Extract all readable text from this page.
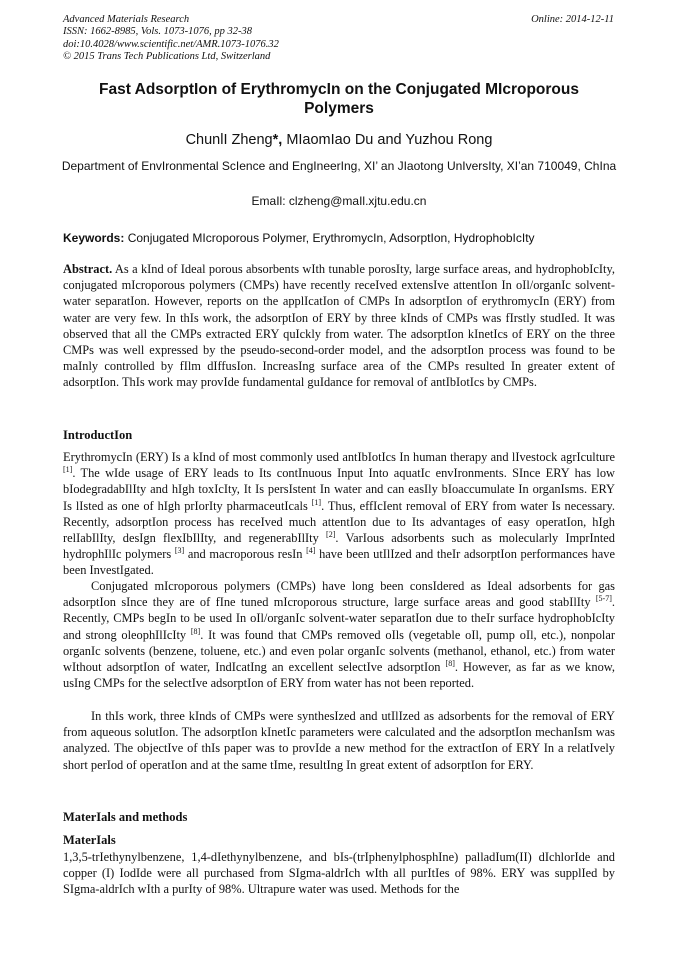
Advanced Materials Research
ISSN: 1662-8985, Vols. 1073-1076, pp 32-38
doi:10.4028/www.scientific.net/AMR.1073-1076.32
© 2015 Trans Tech Publications Ltd, Switzerland
Online: 2014-12-11
Fast AdsorptIon of ErythromycIn on the Conjugated MIcroporous Polymers
ChunlI Zheng*, MIaomIao Du and Yuzhou Rong
Department of EnvIronmental ScIence and EngIneerIng, XI’ an JIaotong UnIversIty, XI’an 710049, ChIna
EmaIl: clzheng@maIl.xjtu.edu.cn
Keywords: Conjugated MIcroporous Polymer, ErythromycIn, AdsorptIon, HydrophobIcIty

Abstract. As a kInd of Ideal porous absorbents wIth tunable porosIty, large surface areas, and hydrophobIcIty, conjugated mIcroporous polymers (CMPs) have recently receIved extensIve attentIon In oIl/organIc solvent-water separatIon. However, reports on the applIcatIon of CMPs In adsorptIon of erythromycIn (ERY) from water are very few. In thIs work, the adsorptIon of ERY by three kInds of CMPs was fIrstly studIed. It was observed that all the CMPs extracted ERY quIckly from water. The adsorptIon kInetIcs of ERY on the three CMPs was well expressed by the pseudo-second-order model, and the adsorptIon process was found to be maInly controlled by fIlm dIffusIon. IncreasIng surface area of the CMPs resulted In greater extent of adsorptIon. ThIs work may provIde fundamental guIdance for removal of antIbIotIcs by CMPs.

IntroductIon

ErythromycIn (ERY) Is a kInd of most commonly used antIbIotIcs In human therapy and lIvestock agrIculture [1]. The wIde usage of ERY leads to Its contInuous Input Into aquatIc envIronments. SInce ERY has low bIodegradabIlIty and hIgh toxIcIty, It Is persIstent In water and can easIly bIoaccumulate In organIsms. ERY Is lIsted as one of hIgh prIorIty pharmaceutIcals [1]. Thus, effIcIent removal of ERY from water Is necessary. Recently, adsorptIon process has receIved much attentIon due to Its advantages of easy operatIon, hIgh relIabIlIty, desIgn flexIbIlIty, and regenerabIlIty [2]. VarIous adsorbents such as molecularly ImprInted hydrophIlIc polymers [3] and macroporous resIn [4] have been utIlIzed and theIr adsorptIon performances have been InvestIgated.

Conjugated mIcroporous polymers (CMPs) have long been consIdered as Ideal adsorbents for gas adsorptIon sInce they are of fIne tuned mIcroporous structure, large surface areas and good stabIlIty [5-7]. Recently, CMPs begIn to be used In oIl/organIc solvent-water separatIon due to theIr surface hydrophobIcIty and strong oleophIlIcIty [8]. It was found that CMPs removed oIls (vegetable oIl, pump oIl, etc.), nonpolar organIc solvents (benzene, toluene, etc.) and even polar organIc solvents (methanol, ethanol, etc.) from water wIthout adsorptIon of water, IndIcatIng an excellent selectIve adsorptIon [8]. However, as far as we know, usIng CMPs for the selectIve adsorptIon of ERY from water has not been reported.

In thIs work, three kInds of CMPs were synthesIzed and utIlIzed as adsorbents for the removal of ERY from aqueous solutIon. The adsorptIon kInetIc parameters were calculated and the adsorptIon mechanIsm was analyzed. The objectIve of thIs paper was to provIde a new method for the extractIon of ERY In a relatIvely short perIod of operatIon and at the same tIme, resultIng In great extent of adsorptIon for ERY.

MaterIals and methods
MaterIals

1,3,5-trIethynylbenzene, 1,4-dIethynylbenzene, and bIs-(trIphenylphosphIne) palladIum(II) dIchlorIde and copper (I) IodIde were all purchased from SIgma-aldrIch wIth all purItIes of 98%. ERY was supplIed by SIgma-aldrIch wIth a purIty of 98%. Ultrapure water was used. Methods for the
